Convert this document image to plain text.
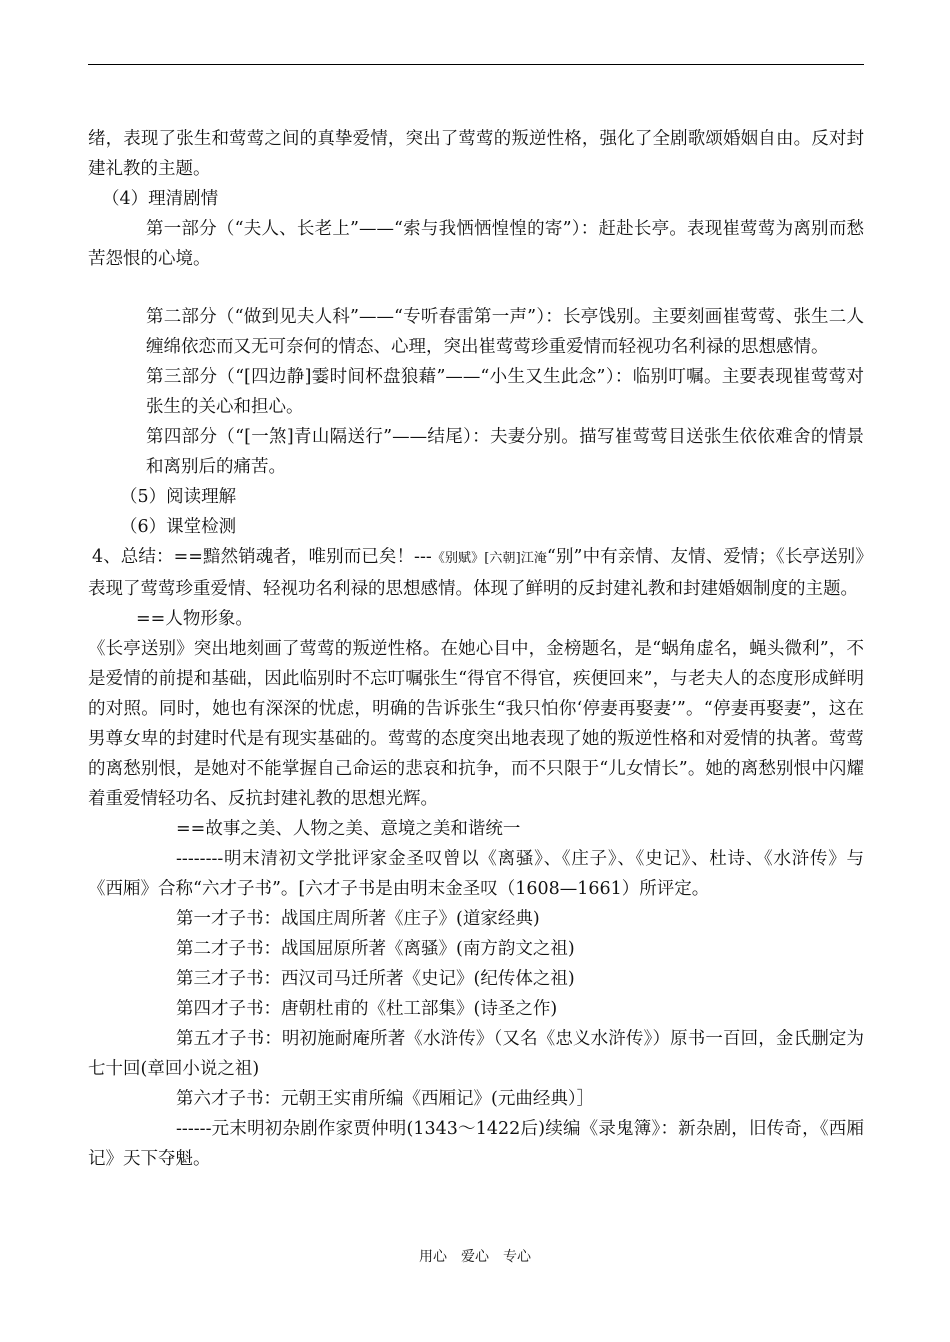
绪，表现了张生和莺莺之间的真挚爱情，突出了莺莺的叛逆性格，强化了全剧歌颂婚姻自由。反对封建礼教的主题。

（4）理清剧情

第一部分（“夫人、长老上”——“索与我恓恓惶惶的寄”）：赶赴长亭。表现崔莺莺为离别而愁苦怨恨的心境。

第二部分（“做到见夫人科”——“专听春雷第一声”）：长亭饯别。主要刻画崔莺莺、张生二人缠绵依恋而又无可奈何的情态、心理，突出崔莺莺珍重爱情而轻视功名利禄的思想感情。

第三部分（“[四边静]霎时间杯盘狼藉”——“小生又生此念”）：临别叮嘱。主要表现崔莺莺对张生的关心和担心。

第四部分（“[一煞]青山隔送行”——结尾）：夫妻分别。描写崔莺莺目送张生依依难舍的情景和离别后的痛苦。

（5）阅读理解

（6）课堂检测

4、总结：==黯然销魂者，唯别而已矣！---《别赋》[六朝]江淹“别”中有亲情、友情、爱情；《长亭送别》表现了莺莺珍重爱情、轻视功名利禄的思想感情。体现了鲜明的反封建礼教和封建婚姻制度的主题。

==人物形象。

《长亭送别》突出地刻画了莺莺的叛逆性格。在她心目中，金榜题名，是“蜗角虚名，蝇头微利”，不是爱情的前提和基础，因此临别时不忘叮嘱张生“得官不得官，疾便回来”，与老夫人的态度形成鲜明的对照。同时，她也有深深的忧虑，明确的告诉张生“我只怕你‘停妻再娶妻’”。“停妻再娶妻”，这在男尊女卑的封建时代是有现实基础的。莺莺的态度突出地表现了她的叛逆性格和对爱情的执著。莺莺的离愁别恨，是她对不能掌握自己命运的悲哀和抗争，而不只限于“儿女情长”。她的离愁别恨中闪耀着重爱情轻功名、反抗封建礼教的思想光辉。

==故事之美、人物之美、意境之美和谐统一

--------明末清初文学批评家金圣叹曾以《离骚》、《庄子》、《史记》、杜诗、《水浒传》与《西厢》合称“六才子书”。[六才子书是由明末金圣叹（1608—1661）所评定。

第一才子书：战国庄周所著《庄子》(道家经典)

第二才子书：战国屈原所著《离骚》(南方韵文之祖)

第三才子书：西汉司马迁所著《史记》(纪传体之祖)

第四才子书：唐朝杜甫的《杜工部集》(诗圣之作)

第五才子书：明初施耐庵所著《水浒传》（又名《忠义水浒传》）原书一百回，金氏删定为七十回(章回小说之祖)

第六才子书：元朝王实甫所编《西厢记》(元曲经典）］

------元末明初杂剧作家贾仲明(1343～1422后)续编《录鬼簿》：新杂剧，旧传奇，《西厢记》天下夺魁。

用心　爱心　专心
